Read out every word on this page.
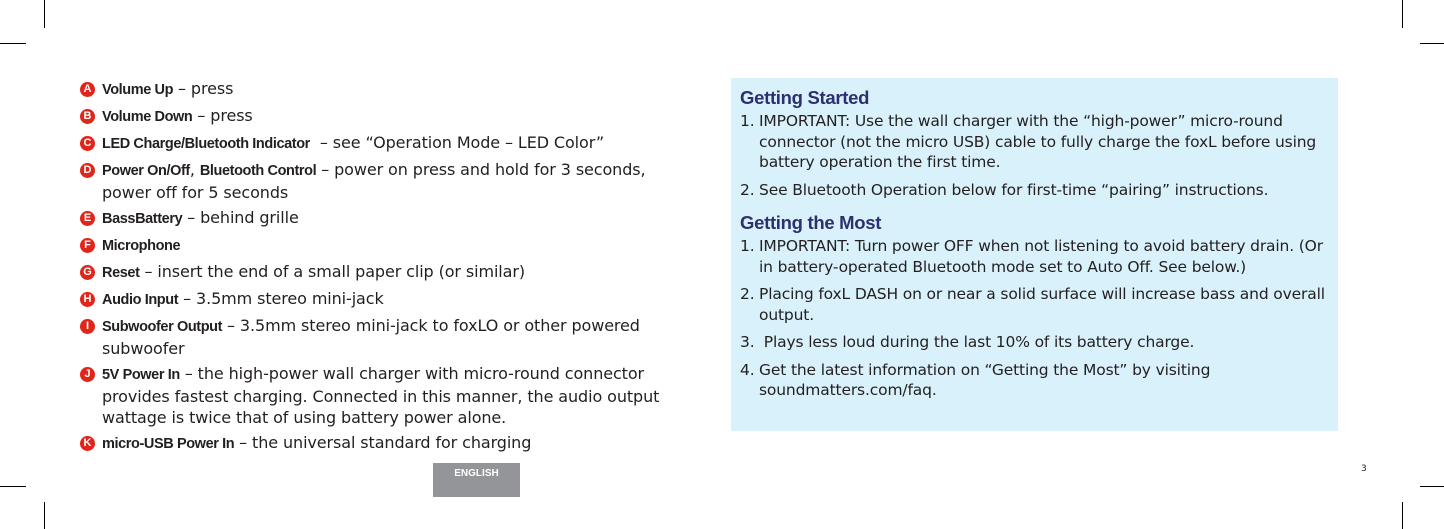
A Volume Up – press
B Volume Down – press
C LED Charge/Bluetooth Indicator  – see “Operation Mode – LED Color”
D Power On/Off, Bluetooth Control – power on press and hold for 3 seconds, power off for 5 seconds
E BassBattery – behind grille
F Microphone
G Reset – insert the end of a small paper clip (or similar)
H Audio Input – 3.5mm stereo mini-jack
I Subwoofer Output – 3.5mm stereo mini-jack to foxLO or other powered subwoofer
J 5V Power In – the high-power wall charger with micro-round connector provides fastest charging. Connected in this manner, the audio output wattage is twice that of using battery power alone.
K micro-USB Power In – the universal standard for charging
Getting Started
1. IMPORTANT: Use the wall charger with the “high-power” micro-round connector (not the micro USB) cable to fully charge the foxL before using battery operation the first time.
2. See Bluetooth Operation below for first-time “pairing” instructions.
Getting the Most
1. IMPORTANT: Turn power OFF when not listening to avoid battery drain. (Or in battery-operated Bluetooth mode set to Auto Off. See below.)
2. Placing foxL DASH on or near a solid surface will increase bass and overall output.
3. Plays less loud during the last 10% of its battery charge.
4. Get the latest information on “Getting the Most” by visiting soundmatters.com/faq.
ENGLISH	3
